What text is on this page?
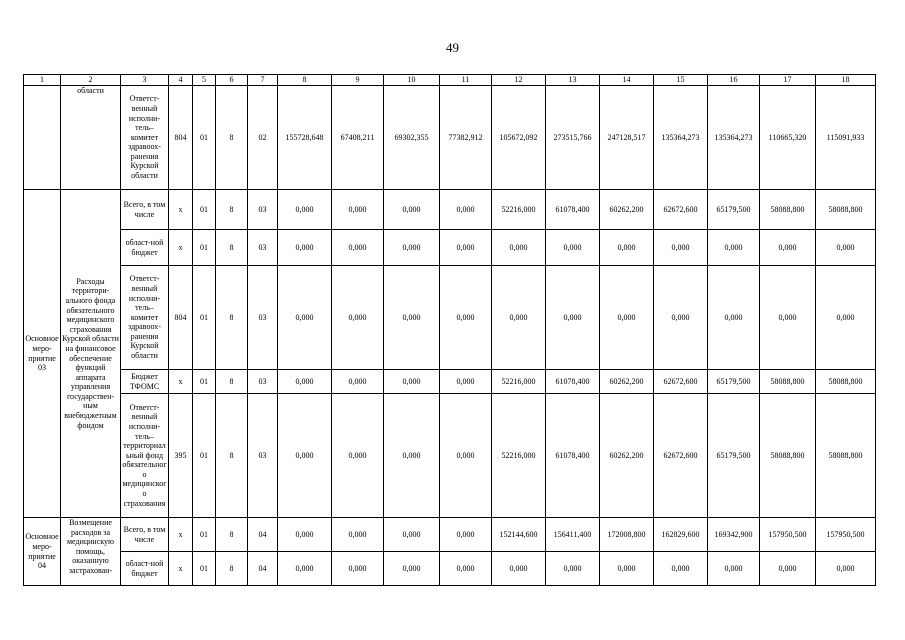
49
1	2	3	4	5	6	7	8	9	10	11	12	13	14	15	16	17	18
	области	Ответст-венный исполни-тель–комитет здравоох-ранения Курской области	804	01	8	02	155728,648	67408,211	69302,355	77382,912	105672,092	273515,766	247128,517	135364,273	135364,273	110665,320	115091,933
Основное меро-приятие 03	Расходы территори-ального фонда обязательного медицинского страхования Курской области на финансовое обеспечение функций аппарата управления государствен-ным внебюджетным фондом	Всего, в том числе	x	01	8	03	0,000	0,000	0,000	0,000	52216,000	61078,400	60262,200	62672,600	65179,500	58088,800	58088,800
		област-ной бюджет	x	01	8	03	0,000	0,000	0,000	0,000	0,000	0,000	0,000	0,000	0,000	0,000	0,000
		Ответст-венный исполни-тель–комитет здравоох-ранения Курской области	804	01	8	03	0,000	0,000	0,000	0,000	0,000	0,000	0,000	0,000	0,000	0,000	0,000
		Бюджет ТФОМС	x	01	8	03	0,000	0,000	0,000	0,000	52216,000	61078,400	60262,200	62672,600	65179,500	58088,800	58088,800
		Ответст-венный исполни-тель–территориальный фонд обязательного медицинского страхования	395	01	8	03	0,000	0,000	0,000	0,000	52216,000	61078,400	60262,200	62672,600	65179,500	58088,800	58088,800
Основное меро-приятие 04	Возмещение расходов за медицинскую помощь, оказанную застрахован-	Всего, в том числе	x	01	8	04	0,000	0,000	0,000	0,000	152144,600	156411,400	172008,800	162829,600	169342,900	157950,500	157950,500
		област-ной бюджет	x	01	8	04	0,000	0,000	0,000	0,000	0,000	0,000	0,000	0,000	0,000	0,000	0,000
